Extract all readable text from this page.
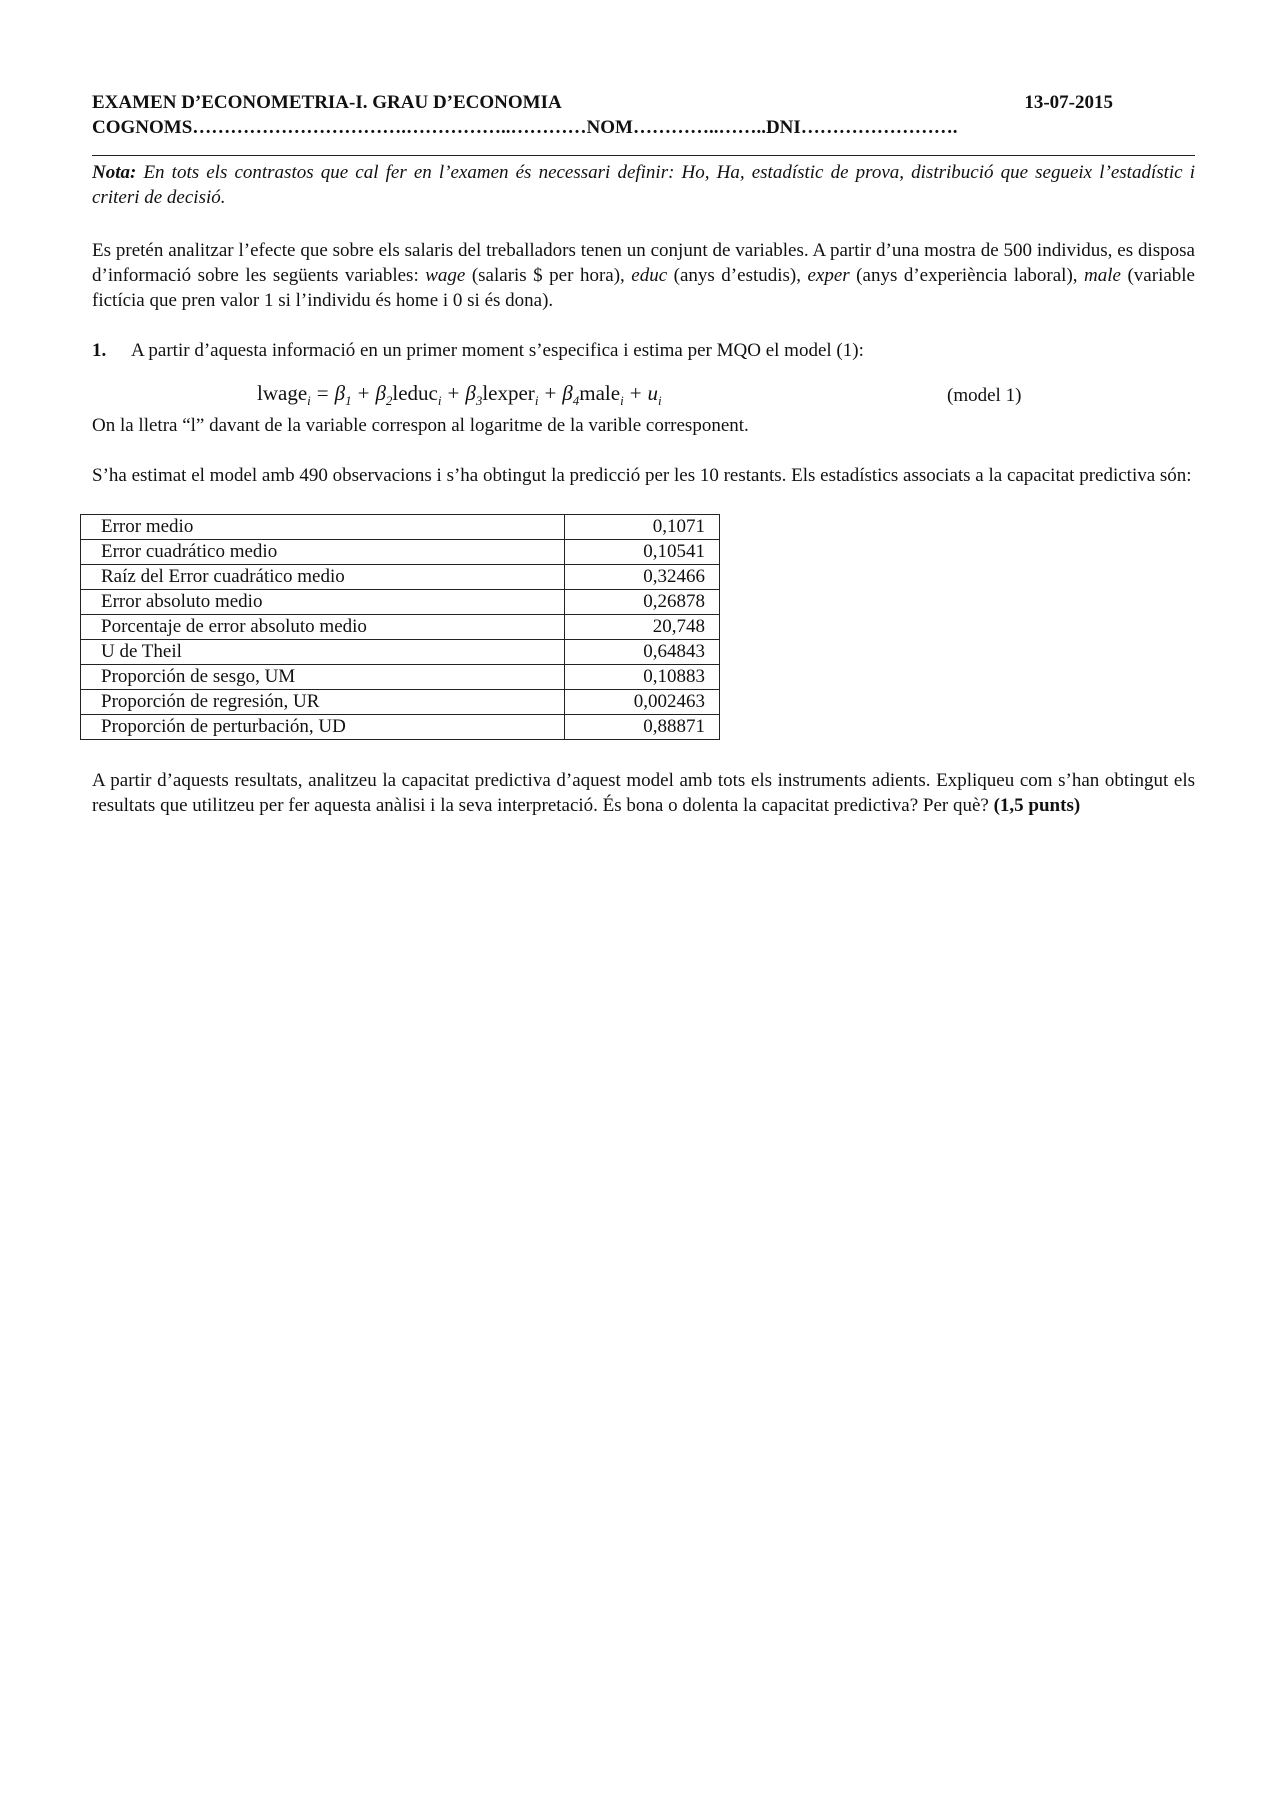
EXAMEN D’ECONOMETRIA-I. GRAU D’ECONOMIA	13-07-2015
COGNOMS…………………………….……………..…………NOM…………..……..DNI…………………….

Nota: En tots els contrastos que cal fer en l’examen és necessari definir: Ho, Ha, estadístic de prova, distribució que segueix l’estadístic i criteri de decisió.

Es pretén analitzar l’efecte que sobre els salaris del treballadors tenen un conjunt de variables. A partir d’una mostra de 500 individus, es disposa d’informació sobre les següents variables: wage (salaris $ per hora), educ (anys d’estudis), exper (anys d’experiència laboral), male (variable fictícia que pren valor 1 si l’individu és home i 0 si és dona).

1. A partir d’aquesta informació en un primer moment s’especifica i estima per MQO el model (1):

lwage$_i$ = $\beta_1$ + $\beta_2leduc_i$ + $\beta_3lexper_i$ + $\beta_4male_i + u_i$	(model 1)

On la lletra “l” davant de la variable correspon al logaritme de la varible corresponent.

S’ha estimat el model amb 490 observacions i s’ha obtingut la predicció per les 10 restants. Els estadístics associats a la capacitat predictiva són:

Error medio	0,1071
Error cuadrático medio	0,10541
Raíz del Error cuadrático medio	0,32466
Error absoluto medio	0,26878
Porcentaje de error absoluto medio	20,748
U de Theil	0,64843
Proporción de sesgo, UM	0,10883
Proporción de regresión, UR	0,002463
Proporción de perturbación, UD	0,88871

A partir d’aquests resultats, analitzeu la capacitat predictiva d’aquest model amb tots els instruments adients. Expliqueu com s’han obtingut els resultats que utilitzeu per fer aquesta anàlisi i la seva interpretació. És bona o dolenta la capacitat predictiva? Per què? (1,5 punts)
